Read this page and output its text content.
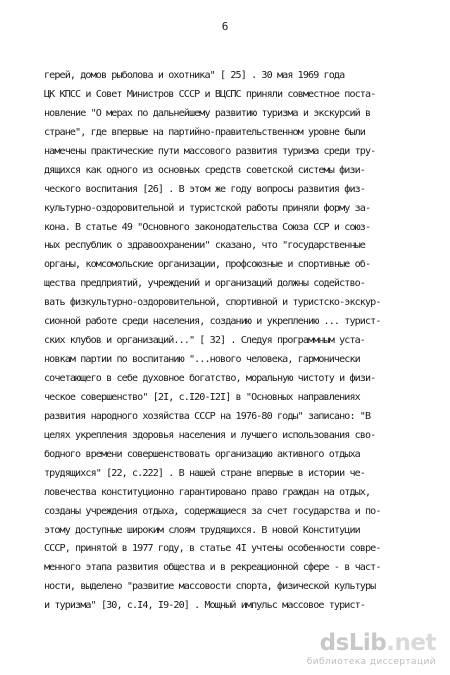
6
герей, домов рыболова и охотника" [ 25] . 30 мая 1969 года
ЦК КПСС и Совет Министров СССР и ВЦСПС приняли совместное поста-
новление "О мерах по дальнейшему развитию туризма и экскурсий в
стране", где впервые на партийно-правительственном уровне были
намечены практические пути массового развития туризма среди тру-
дящихся как одного из основных средств советской системы физи-
ческого воспитания [26] . В этом же году вопросы развития физ-
культурно-оздоровительной и туристской работы приняли форму за-
кона. В статье 49 "Основного законодательства Союза ССР и союз-
ных республик о здравоохранении" сказано, что "государственные
органы, комсомольские организации, профсоюзные и спортивные об-
щества предприятий, учреждений и организаций должны содейство-
вать физкультурно-оздоровительной, спортивной и туристско-экскур-
сионной работе среди населения, созданию и укреплению ... турист-
ских клубов и организаций..." [ 32] . Следуя программным уста-
новкам партии по воспитанию "...нового человека, гармонически
сочетающего в себе духовное богатство, моральную чистоту и физи-
ческое совершенство" [2I, с.I20-I2I] в "Основных направлениях
развития народного хозяйства СССР на 1976-80 годы" записано: "В
целях укрепления здоровья населения и лучшего использования сво-
бодного времени совершенствовать организацию активного отдыха
трудящихся" [22, с.222] . В нашей стране впервые в истории че-
ловечества конституционно гарантировано право граждан на отдых,
созданы учреждения отдыха, содержащиеся за счет государства и по-
этому доступные широким слоям трудящихся. В новой Конституции
СССР, принятой в 1977 году, в статье 4I учтены особенности совре-
менного этапа развития общества и в рекреационной сфере - в част-
ности, выделено "развитие массовости спорта, физической культуры
и туризма" [30, с.I4, I9-20] . Мощный импульс массовое турист-
dsLib.net
библиотека диссертаций
